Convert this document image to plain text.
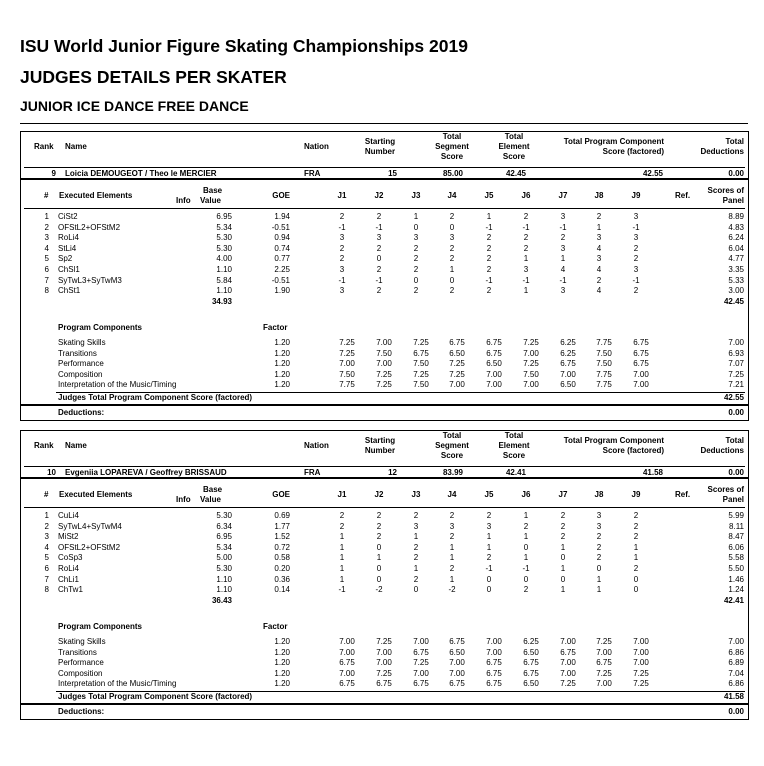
ISU World Junior Figure Skating Championships 2019
JUDGES DETAILS PER SKATER
JUNIOR ICE DANCE FREE DANCE
Rank Name	Nation
Starting
Number
Total
Segment
Score
Total
Element
Score
Total Program Component
Score (factored)
Total
Deductions
9 Loicia DEMOUGEOT / Theo le MERCIER	FRA	15	85.00	42.45	42.55	0.00
# Executed Elements
Info
Base
Value
GOE	J1	J2	J3	J4	J5	J6	J7	J8	J9	Ref.
Scores of
Panel
1 CiSt2	6.95	1.94	2	2	1	2	1	2	3	2	3	8.89
2 OFStL2+OFStM2	5.34	-0.51	-1	-1	0	0	-1	-1	-1	1	-1	4.83
3 RoLi4	5.30	0.94	3	3	3	3	2	2	2	3	3	6.24
4 StLi4	5.30	0.74	2	2	2	2	2	2	3	4	2	6.04
5 Sp2	4.00	0.77	2	0	2	2	2	1	1	3	2	4.77
6 ChSl1	1.10	2.25	3	2	2	1	2	3	4	4	3	3.35
7 SyTwL3+SyTwM3	5.84	-0.51	-1	-1	0	0	-1	-1	-1	2	-1	5.33
8 ChSt1	1.10	1.90	3	2	2	2	2	1	3	4	2	3.00
34.93	42.45
Program Components	Factor
Skating Skills	1.20	7.25	7.00	7.25	6.75	6.75	7.25	6.25	7.75	6.75	7.00
Transitions	1.20	7.25	7.50	6.75	6.50	6.75	7.00	6.25	7.50	6.75	6.93
Performance	1.20	7.00	7.00	7.50	7.25	6.50	7.25	6.75	7.50	6.75	7.07
Composition	1.20	7.50	7.25	7.25	7.25	7.00	7.50	7.00	7.75	7.00	7.25
Interpretation of the Music/Timing	1.20	7.75	7.25	7.50	7.00	7.00	7.00	6.50	7.75	7.00	7.21
Judges Total Program Component Score (factored)	42.55
Deductions:	0.00
Rank Name	Nation
Starting
Number
Total
Segment
Score
Total
Element
Score
Total Program Component
Score (factored)
Total
Deductions
10 Evgeniia LOPAREVA / Geoffrey BRISSAUD	FRA	12	83.99	42.41	41.58	0.00
# Executed Elements
Info
Base
Value
GOE	J1	J2	J3	J4	J5	J6	J7	J8	J9	Ref.
Scores of
Panel
1 CuLi4	5.30	0.69	2	2	2	2	2	1	2	3	2	5.99
2 SyTwL4+SyTwM4	6.34	1.77	2	2	3	3	3	2	2	3	2	8.11
3 MiSt2	6.95	1.52	1	2	1	2	1	1	2	2	2	8.47
4 OFStL2+OFStM2	5.34	0.72	1	0	2	1	1	0	1	2	1	6.06
5 CoSp3	5.00	0.58	1	1	2	1	2	1	0	2	1	5.58
6 RoLi4	5.30	0.20	1	0	1	2	-1	-1	1	0	2	5.50
7 ChLi1	1.10	0.36	1	0	2	1	0	0	0	1	0	1.46
8 ChTw1	1.10	0.14	-1	-2	0	-2	0	2	1	1	0	1.24
36.43	42.41
Program Components	Factor
Skating Skills	1.20	7.00	7.25	7.00	6.75	7.00	6.25	7.00	7.25	7.00	7.00
Transitions	1.20	7.00	7.00	6.75	6.50	7.00	6.50	6.75	7.00	7.00	6.86
Performance	1.20	6.75	7.00	7.25	7.00	6.75	6.75	7.00	6.75	7.00	6.89
Composition	1.20	7.00	7.25	7.00	7.00	6.75	6.75	7.00	7.25	7.25	7.04
Interpretation of the Music/Timing	1.20	6.75	6.75	6.75	6.75	6.75	6.50	7.25	7.00	7.25	6.86
Judges Total Program Component Score (factored)	41.58
Deductions:	0.00
